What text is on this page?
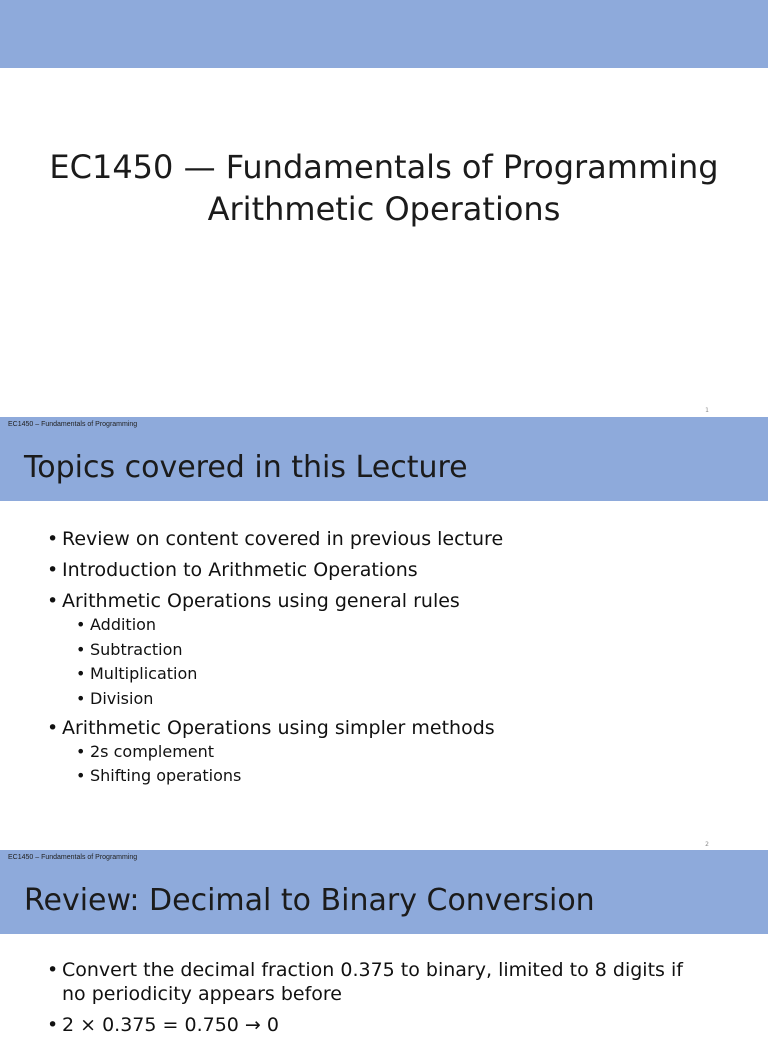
EC1450 — Fundamentals of Programming
Arithmetic Operations
1
EC1450 – Fundamentals of Programming
Topics covered in this Lecture
• Review on content covered in previous lecture
• Introduction to Arithmetic Operations
• Arithmetic Operations using general rules
• Addition
• Subtraction
• Multiplication
• Division
• Arithmetic Operations using simpler methods
• 2s complement
• Shifting operations
2
EC1450 – Fundamentals of Programming
Review: Decimal to Binary Conversion
• Convert the decimal fraction 0.375 to binary, limited to 8 digits if no periodicity appears before
• 2 × 0.375 = 0.750 → 0
